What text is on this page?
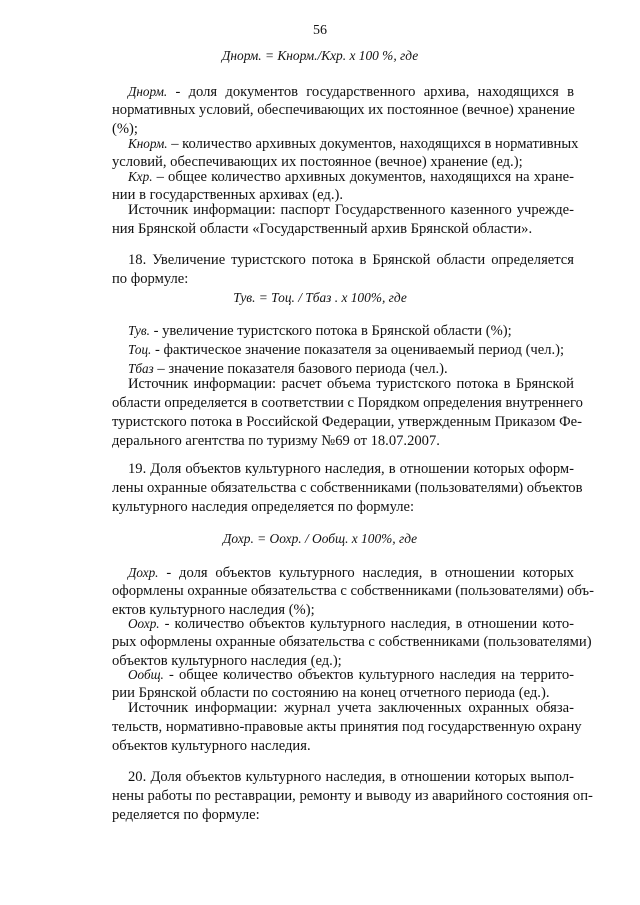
56
Днорм. = Кнорм./Кхр. х 100 %, где
Днорм. - доля документов государственного архива, находящихся в
нормативных условий, обеспечивающих их постоянное (вечное) хранение
(%);
Кнорм. – количество архивных документов, находящихся в нормативных
условий, обеспечивающих их постоянное (вечное) хранение (ед.);
Кхр. – общее количество архивных документов, находящихся на хране-
нии в государственных архивах (ед.).
Источник информации: паспорт Государственного казенного учрежде-
ния Брянской области «Государственный архив Брянской области».
18. Увеличение туристского потока в Брянской области определяется
по формуле:
Тув. = Тоц. / Тбаз . х 100%, где
Тув. - увеличение туристского потока в Брянской области (%);
Тоц. - фактическое значение показателя за оцениваемый период (чел.);
Тбаз – значение показателя базового периода (чел.).
Источник информации: расчет объема туристского потока в Брянской
области определяется в соответствии с Порядком определения внутреннего
туристского потока в Российской Федерации, утвержденным Приказом Фе-
дерального агентства по туризму №69 от 18.07.2007.
19. Доля объектов культурного наследия, в отношении которых оформ-
лены охранные обязательства с собственниками (пользователями) объектов
культурного наследия определяется по формуле:
Дохр. = Оохр. / Ообщ. х 100%, где
Дохр. - доля объектов культурного наследия, в отношении которых
оформлены охранные обязательства с собственниками (пользователями) объ-
ектов культурного наследия (%);
Оохр. - количество объектов культурного наследия, в отношении кото-
рых оформлены охранные обязательства с собственниками (пользователями)
объектов культурного наследия (ед.);
Ообщ. - общее количество объектов культурного наследия на террито-
рии Брянской области по состоянию на конец отчетного периода (ед.).
Источник информации: журнал учета заключенных охранных обяза-
тельств, нормативно-правовые акты принятия под государственную охрану
объектов культурного наследия.
20. Доля объектов культурного наследия, в отношении которых выпол-
нены работы по реставрации, ремонту и выводу из аварийного состояния оп-
ределяется по формуле:
